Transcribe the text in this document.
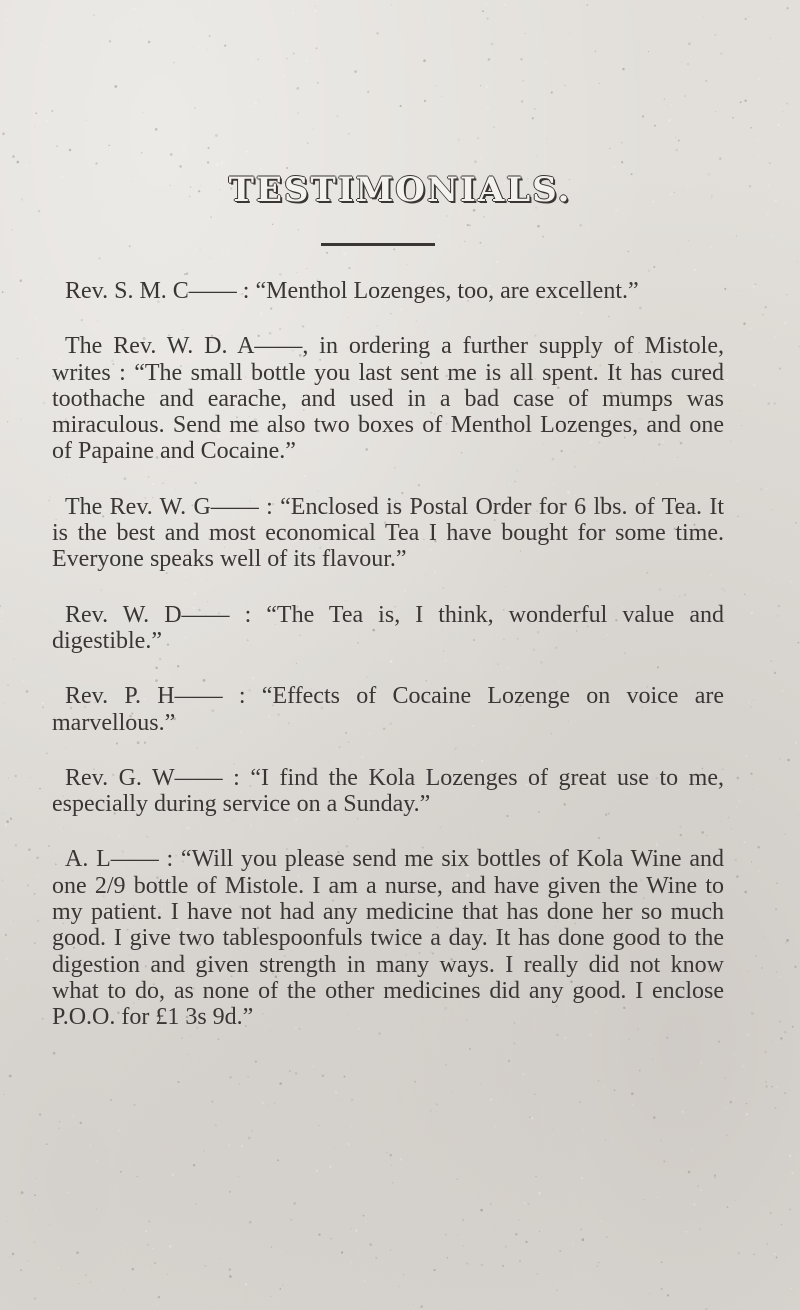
TESTIMONIALS.

Rev. S. M. C—— : “Menthol Lozenges, too, are excellent.”

The Rev. W. D. A——, in ordering a further supply of Mistole, writes : “The small bottle you last sent me is all spent. It has cured toothache and earache, and used in a bad case of mumps was miraculous. Send me also two boxes of Menthol Lozenges, and one of Papaine and Cocaine.”

The Rev. W. G—— : “Enclosed is Postal Order for 6 lbs. of Tea. It is the best and most economical Tea I have bought for some time. Everyone speaks well of its flavour.”

Rev. W. D—— : “The Tea is, I think, wonderful value and digestible.”

Rev. P. H—— : “Effects of Cocaine Lozenge on voice are marvellous.”

Rev. G. W—— : “I find the Kola Lozenges of great use to me, especially during service on a Sunday.”

A. L—— : “Will you please send me six bottles of Kola Wine and one 2/9 bottle of Mistole. I am a nurse, and have given the Wine to my patient. I have not had any medicine that has done her so much good. I give two tablespoonfuls twice a day. It has done good to the digestion and given strength in many ways. I really did not know what to do, as none of the other medicines did any good. I enclose P.O.O. for £1 3s 9d.”
